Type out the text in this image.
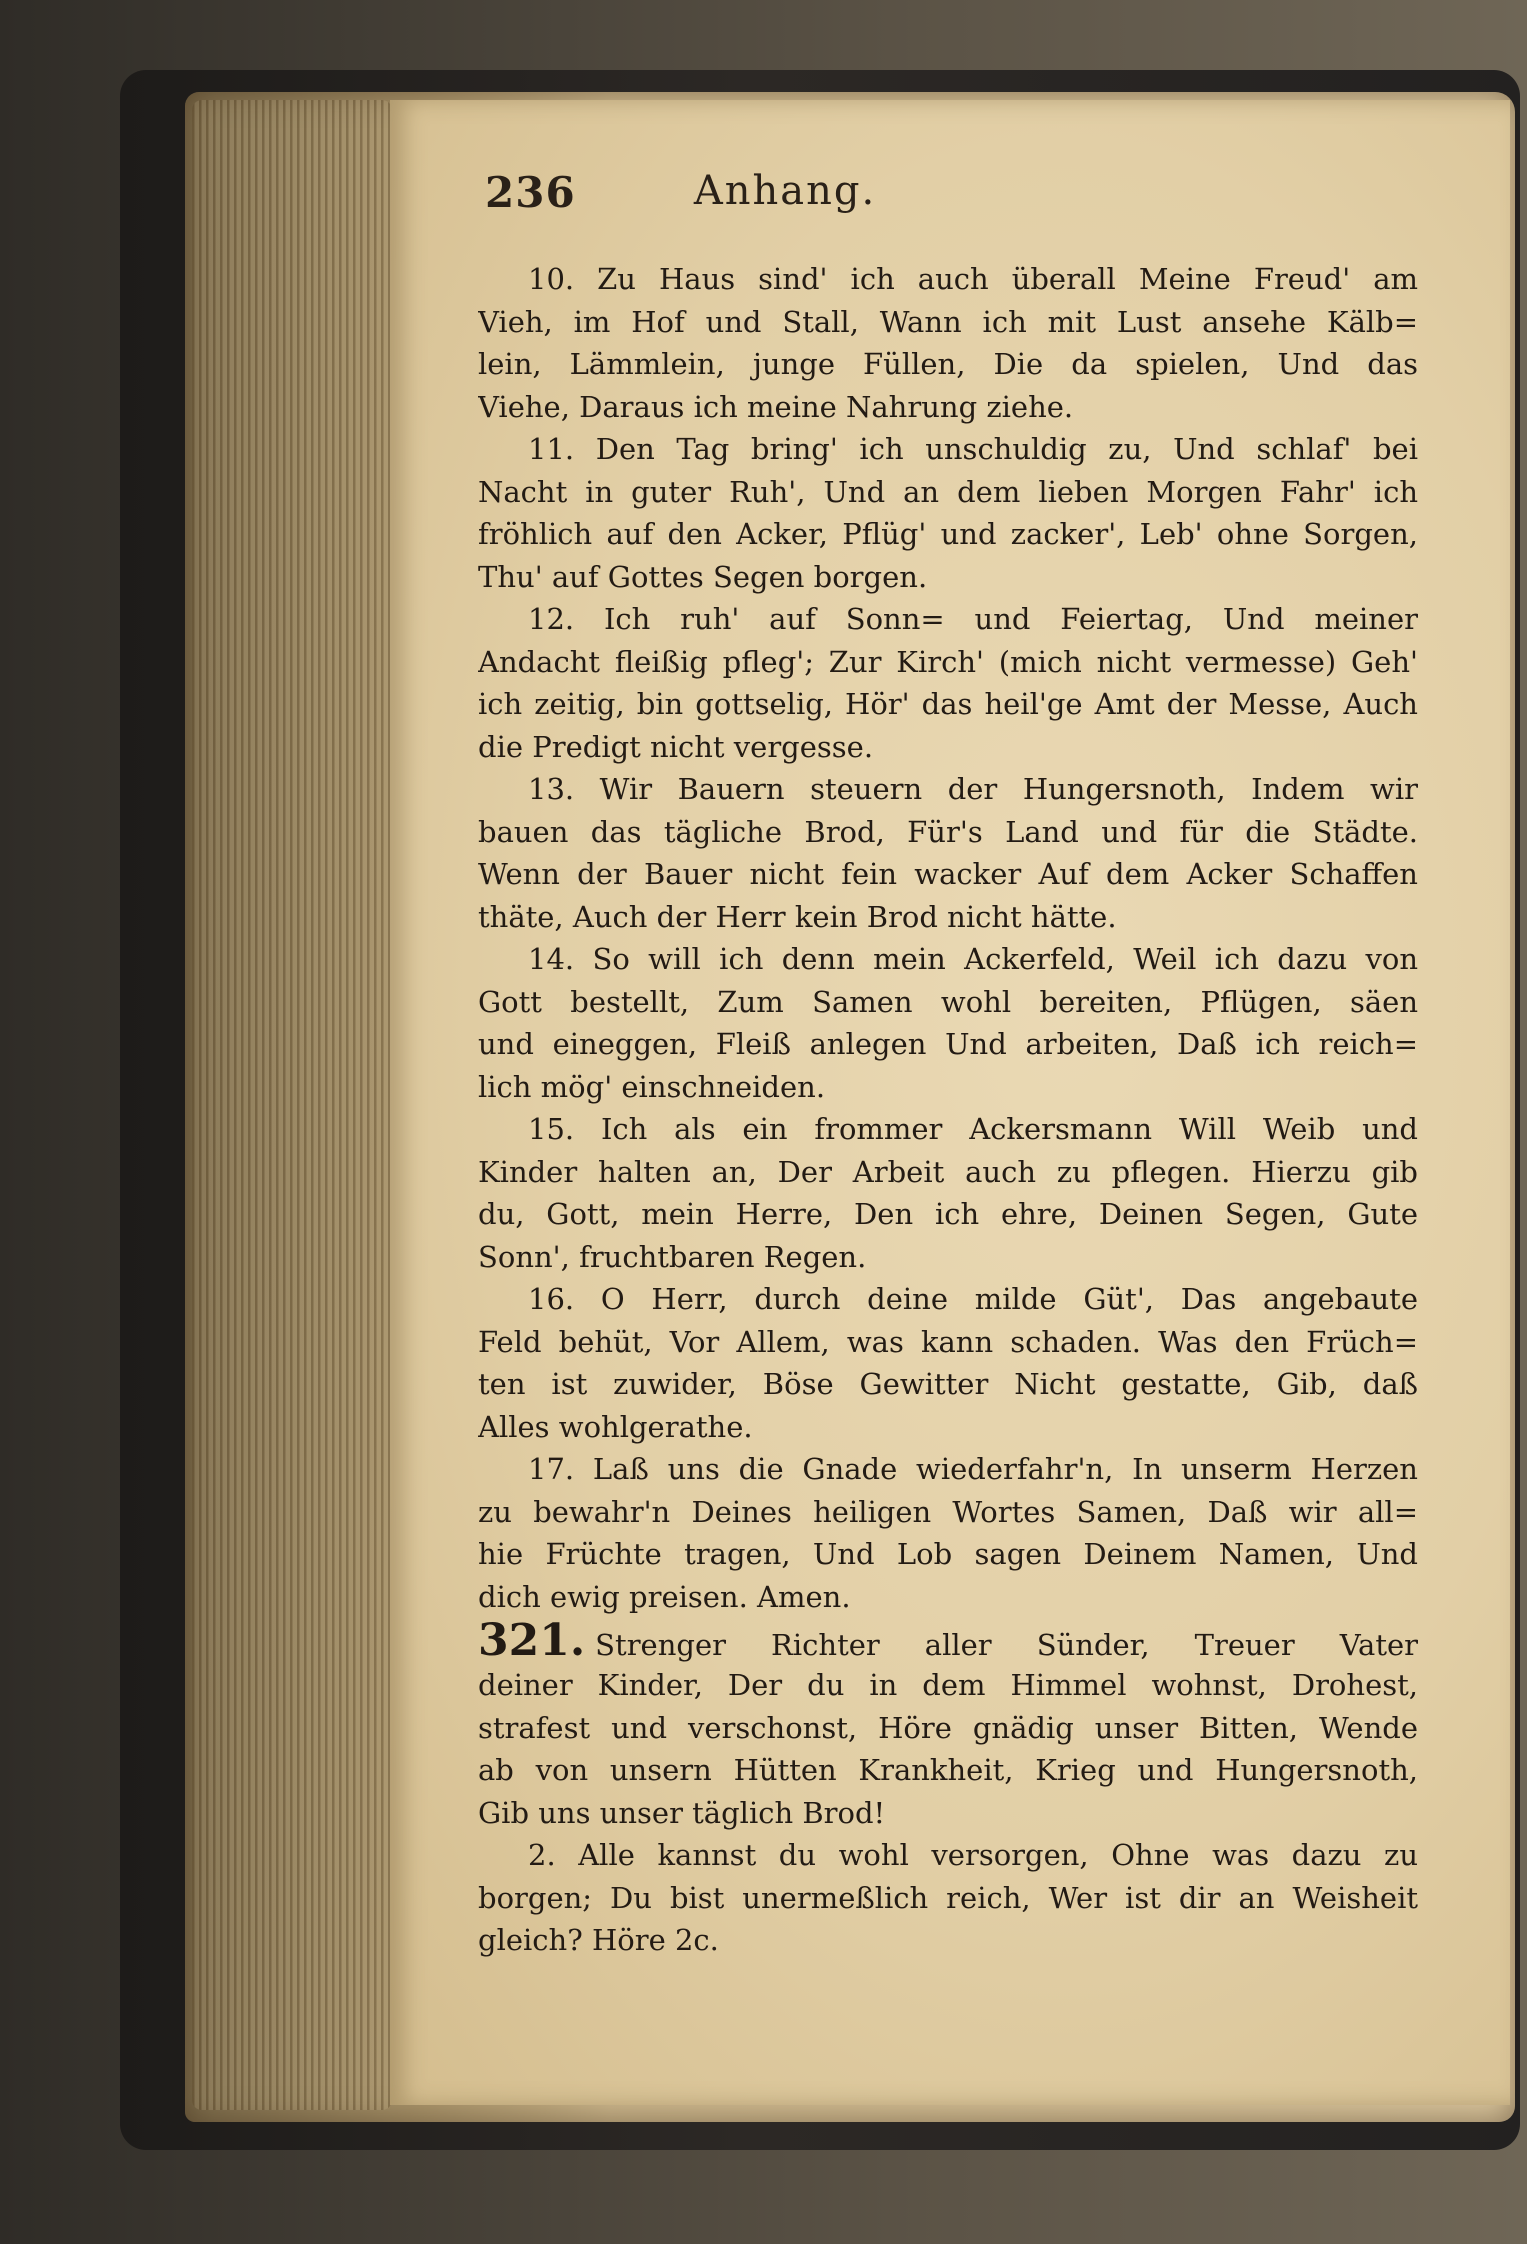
236	Anhang.
10. Zu Haus sind' ich auch überall Meine Freud' am
Vieh, im Hof und Stall, Wann ich mit Lust ansehe Kälb=
lein, Lämmlein, junge Füllen, Die da spielen, Und das
Viehe, Daraus ich meine Nahrung ziehe.
11. Den Tag bring' ich unschuldig zu, Und schlaf' bei
Nacht in guter Ruh', Und an dem lieben Morgen Fahr' ich
fröhlich auf den Acker, Pflüg' und zacker', Leb' ohne Sorgen,
Thu' auf Gottes Segen borgen.
12. Ich ruh' auf Sonn= und Feiertag, Und meiner
Andacht fleißig pfleg'; Zur Kirch' (mich nicht vermesse) Geh'
ich zeitig, bin gottselig, Hör' das heil'ge Amt der Messe, Auch
die Predigt nicht vergesse.
13. Wir Bauern steuern der Hungersnoth, Indem wir
bauen das tägliche Brod, Für's Land und für die Städte.
Wenn der Bauer nicht fein wacker Auf dem Acker Schaffen
thäte, Auch der Herr kein Brod nicht hätte.
14. So will ich denn mein Ackerfeld, Weil ich dazu von
Gott bestellt, Zum Samen wohl bereiten, Pflügen, säen
und eineggen, Fleiß anlegen Und arbeiten, Daß ich reich=
lich mög' einschneiden.
15. Ich als ein frommer Ackersmann Will Weib und
Kinder halten an, Der Arbeit auch zu pflegen. Hierzu gib
du, Gott, mein Herre, Den ich ehre, Deinen Segen, Gute
Sonn', fruchtbaren Regen.
16. O Herr, durch deine milde Güt', Das angebaute
Feld behüt, Vor Allem, was kann schaden. Was den Früch=
ten ist zuwider, Böse Gewitter Nicht gestatte, Gib, daß
Alles wohlgerathe.
17. Laß uns die Gnade wiederfahr'n, In unserm Herzen
zu bewahr'n Deines heiligen Wortes Samen, Daß wir all=
hie Früchte tragen, Und Lob sagen Deinem Namen, Und
dich ewig preisen. Amen.
321. Strenger Richter aller Sünder, Treuer Vater
deiner Kinder, Der du in dem Himmel wohnst, Drohest,
strafest und verschonst, Höre gnädig unser Bitten, Wende
ab von unsern Hütten Krankheit, Krieg und Hungersnoth,
Gib uns unser täglich Brod!
2. Alle kannst du wohl versorgen, Ohne was dazu zu
borgen; Du bist unermeßlich reich, Wer ist dir an Weisheit
gleich? Höre 2c.
